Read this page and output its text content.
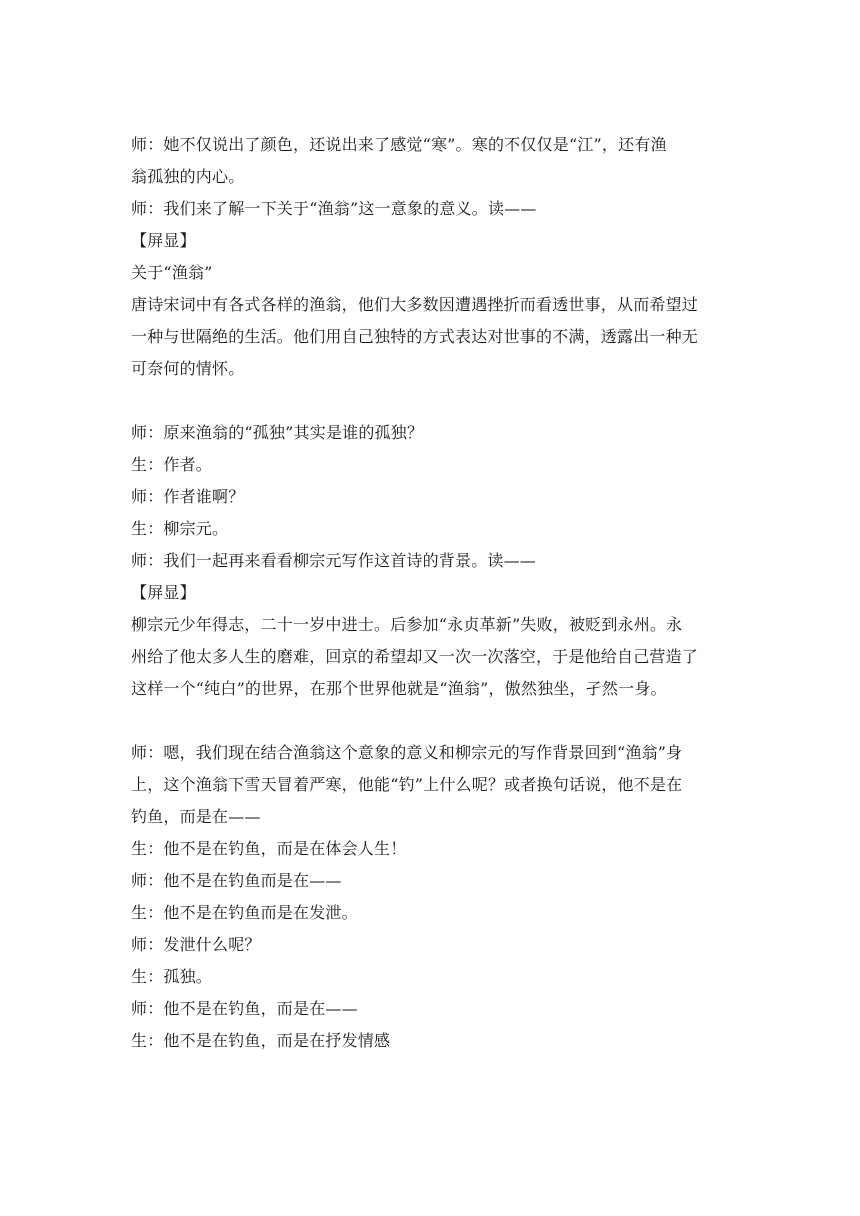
师：她不仅说出了颜色，还说出来了感觉“寒”。寒的不仅仅是“江”，还有渔
翁孤独的内心。
师：我们来了解一下关于“渔翁”这一意象的意义。读——
【屏显】
关于“渔翁”
唐诗宋词中有各式各样的渔翁，他们大多数因遭遇挫折而看透世事，从而希望过
一种与世隔绝的生活。他们用自己独特的方式表达对世事的不满，透露出一种无
可奈何的情怀。
师：原来渔翁的“孤独”其实是谁的孤独？
生：作者。
师：作者谁啊？
生：柳宗元。
师：我们一起再来看看柳宗元写作这首诗的背景。读——
【屏显】
柳宗元少年得志，二十一岁中进士。后参加“永贞革新”失败，被贬到永州。永
州给了他太多人生的磨难，回京的希望却又一次一次落空，于是他给自己营造了
这样一个“纯白”的世界，在那个世界他就是“渔翁”，傲然独坐，孑然一身。
师：嗯，我们现在结合渔翁这个意象的意义和柳宗元的写作背景回到“渔翁”身
上，这个渔翁下雪天冒着严寒，他能“钓”上什么呢？或者换句话说，他不是在
钓鱼，而是在——
生：他不是在钓鱼，而是在体会人生！
师：他不是在钓鱼而是在——
生：他不是在钓鱼而是在发泄。
师：发泄什么呢？
生：孤独。
师：他不是在钓鱼，而是在——
生：他不是在钓鱼，而是在抒发情感
